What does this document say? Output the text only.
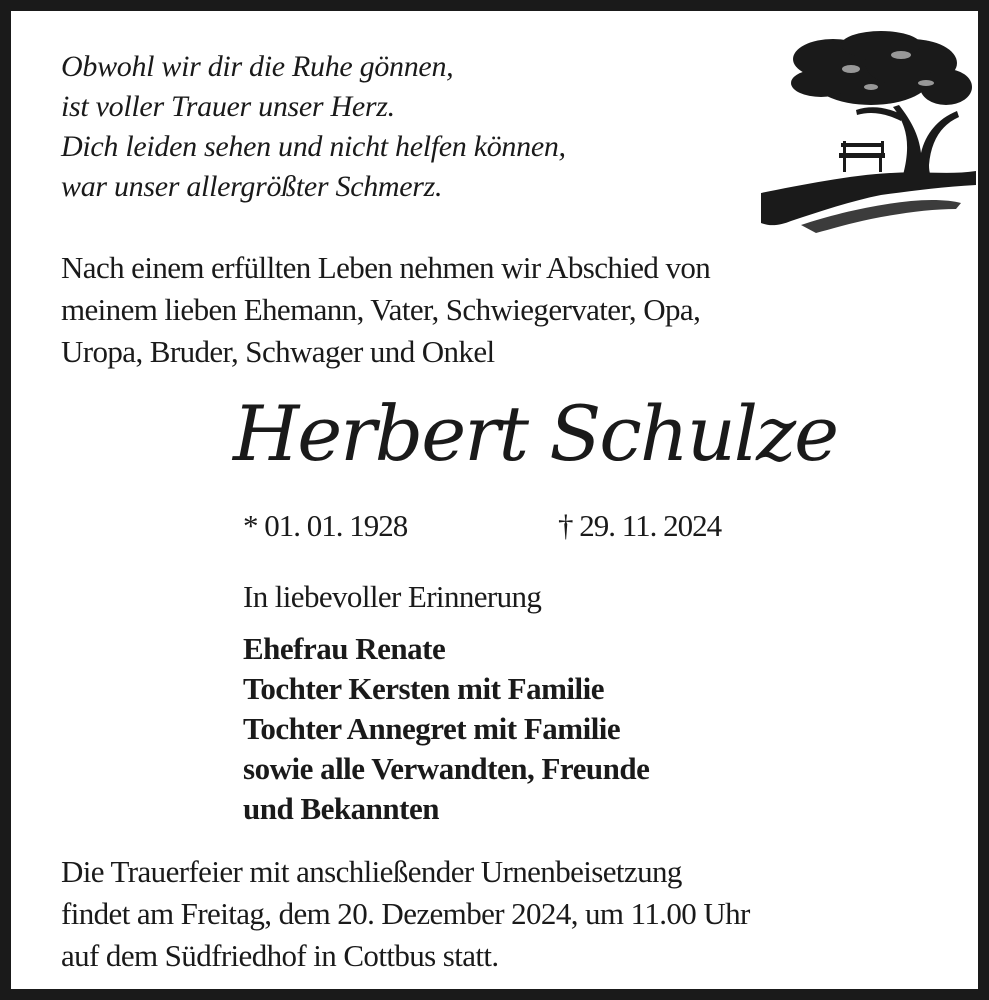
Obwohl wir dir die Ruhe gönnen,
ist voller Trauer unser Herz.
Dich leiden sehen und nicht helfen können,
war unser allergrößter Schmerz.
Nach einem erfüllten Leben nehmen wir Abschied von
meinem lieben Ehemann, Vater, Schwiegervater, Opa,
Uropa, Bruder, Schwager und Onkel
Herbert Schulze
* 01. 01. 1928	† 29. 11. 2024
In liebevoller Erinnerung
Ehefrau Renate
Tochter Kersten mit Familie
Tochter Annegret mit Familie
sowie alle Verwandten, Freunde
und Bekannten
Die Trauerfeier mit anschließender Urnenbeisetzung
findet am Freitag, dem 20. Dezember 2024, um 11.00 Uhr
auf dem Südfriedhof in Cottbus statt.
